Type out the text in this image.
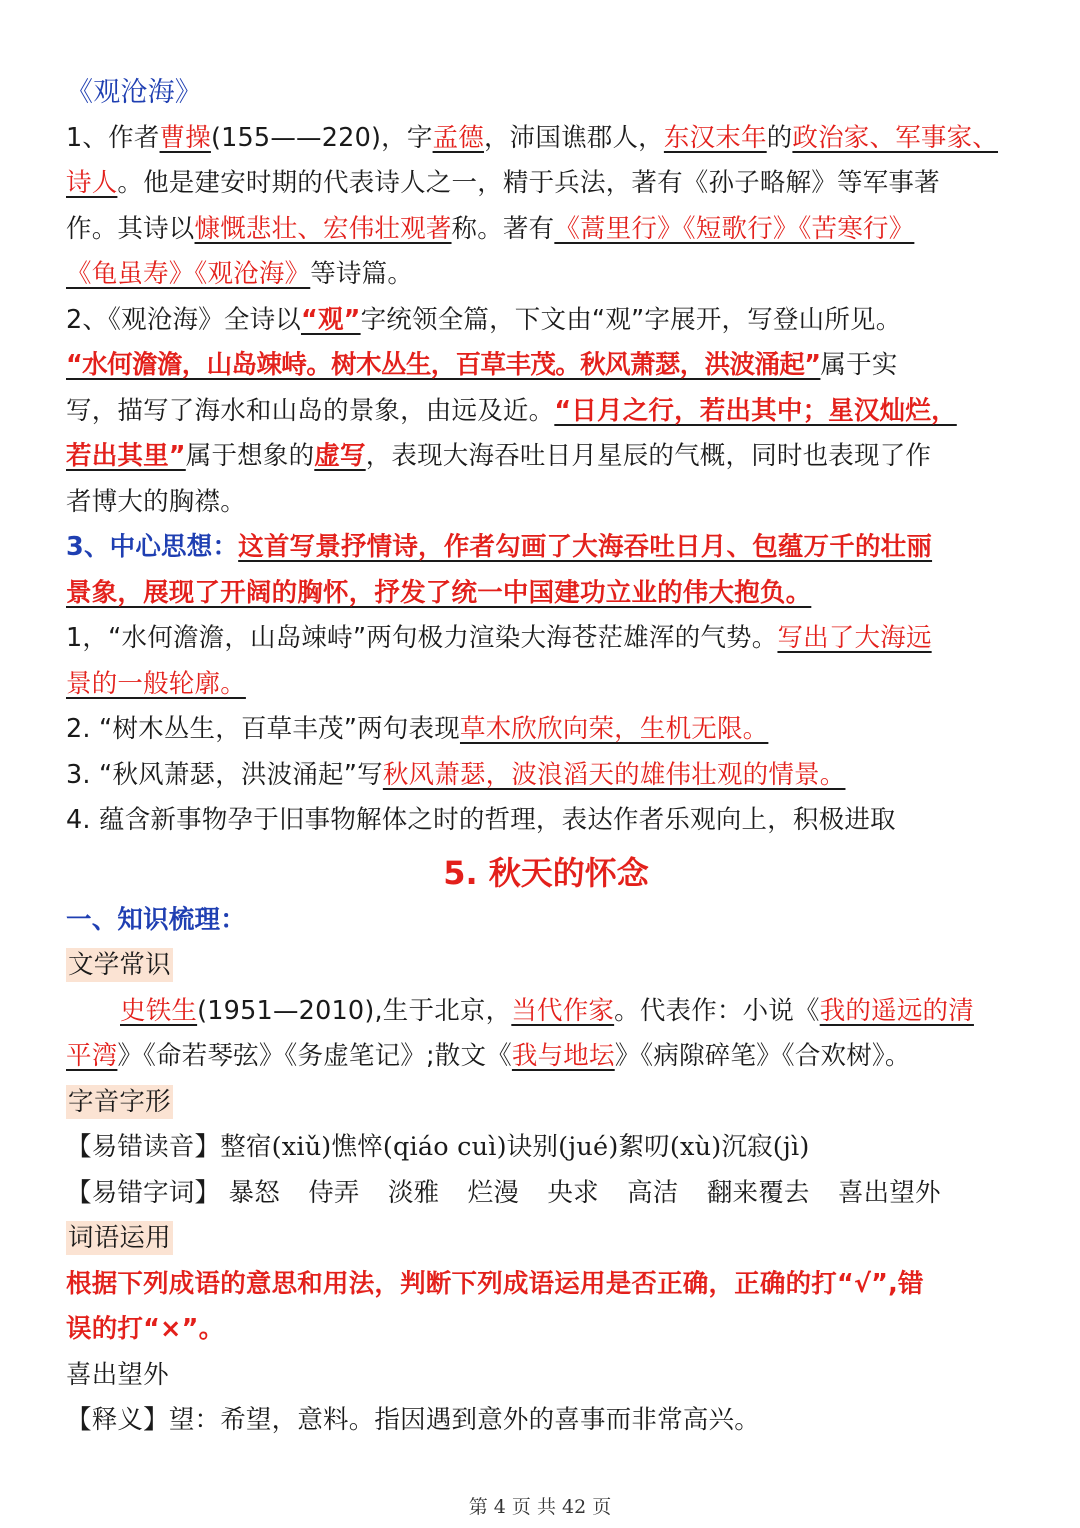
《观沧海》
1、作者曹操(155——220)，字孟德，沛国谯郡人，东汉末年的政治家、军事家、
诗人。他是建安时期的代表诗人之一，精于兵法，著有《孙子略解》等军事著
作。其诗以慷慨悲壮、宏伟壮观著称。著有《蒿里行》《短歌行》《苦寒行》
《龟虽寿》《观沧海》等诗篇。
2、《观沧海》全诗以“观”字统领全篇，下文由“观”字展开，写登山所见。
“水何澹澹，山岛竦峙。树木丛生，百草丰茂。秋风萧瑟，洪波涌起”属于实
写，描写了海水和山岛的景象，由远及近。“日月之行，若出其中；星汉灿烂，
若出其里”属于想象的虚写，表现大海吞吐日月星辰的气概，同时也表现了作
者博大的胸襟。
3、中心思想：这首写景抒情诗，作者勾画了大海吞吐日月、包蕴万千的壮丽
景象，展现了开阔的胸怀，抒发了统一中国建功立业的伟大抱负。
1，“水何澹澹，山岛竦峙”两句极力渲染大海苍茫雄浑的气势。写出了大海远
景的一般轮廓。
2. “树木丛生，百草丰茂”两句表现草木欣欣向荣，生机无限。
3. “秋风萧瑟，洪波涌起”写秋风萧瑟，波浪滔天的雄伟壮观的情景。
4. 蕴含新事物孕于旧事物解体之时的哲理，表达作者乐观向上，积极进取
5. 秋天的怀念
一、知识梳理：
文学常识
史铁生(1951—2010),生于北京，当代作家。代表作：小说《我的遥远的清
平湾》《命若琴弦》《务虚笔记》;散文《我与地坛》《病隙碎笔》《合欢树》。
字音字形
【易错读音】整宿(xiǔ)憔悴(qiáo cuì)诀别(jué)絮叨(xù)沉寂(jì)
【易错字词】 暴怒 侍弄 淡雅 烂漫 央求 高洁 翻来覆去 喜出望外
词语运用
根据下列成语的意思和用法，判断下列成语运用是否正确，正确的打“√”,错
误的打“×”。
喜出望外
【释义】望：希望，意料。指因遇到意外的喜事而非常高兴。
第 4 页 共 42 页
